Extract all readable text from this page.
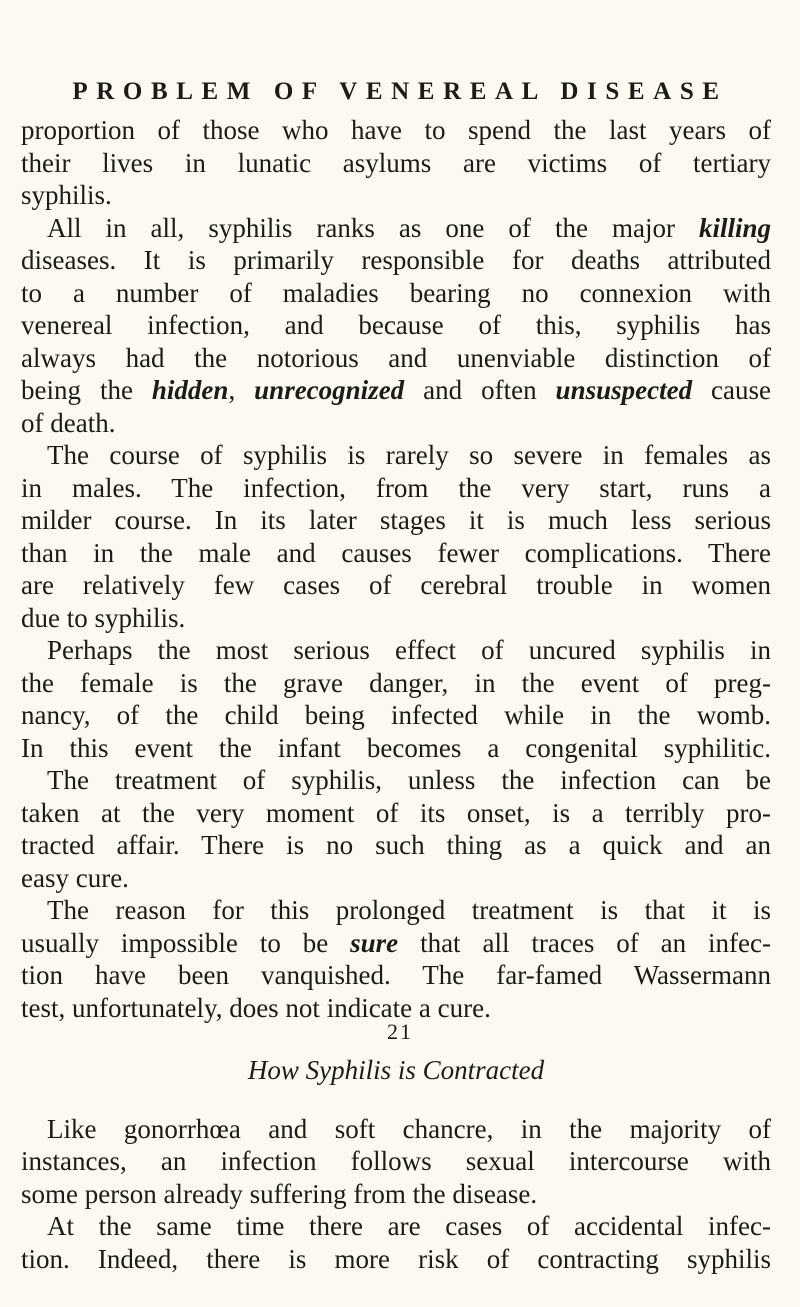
PROBLEM OF VENEREAL DISEASE
proportion of those who have to spend the last years of
their lives in lunatic asylums are victims of tertiary
syphilis.
All in all, syphilis ranks as one of the major killing
diseases. It is primarily responsible for deaths attributed
to a number of maladies bearing no connexion with
venereal infection, and because of this, syphilis has
always had the notorious and unenviable distinction of
being the hidden, unrecognized and often unsuspected cause
of death.
The course of syphilis is rarely so severe in females as
in males. The infection, from the very start, runs a
milder course. In its later stages it is much less serious
than in the male and causes fewer complications. There
are relatively few cases of cerebral trouble in women
due to syphilis.
Perhaps the most serious effect of uncured syphilis in
the female is the grave danger, in the event of preg-
nancy, of the child being infected while in the womb.
In this event the infant becomes a congenital syphilitic.
The treatment of syphilis, unless the infection can be
taken at the very moment of its onset, is a terribly pro-
tracted affair. There is no such thing as a quick and an
easy cure.
The reason for this prolonged treatment is that it is
usually impossible to be sure that all traces of an infec-
tion have been vanquished. The far-famed Wassermann
test, unfortunately, does not indicate a cure.
How Syphilis is Contracted
Like gonorrhœa and soft chancre, in the majority of
instances, an infection follows sexual intercourse with
some person already suffering from the disease.
At the same time there are cases of accidental infec-
tion. Indeed, there is more risk of contracting syphilis
21
